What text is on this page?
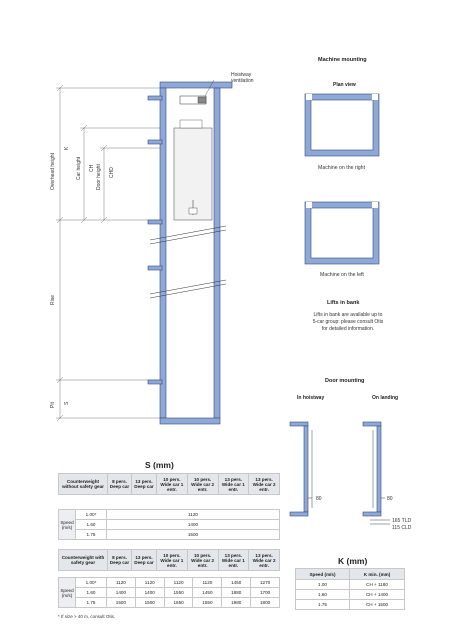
Overhead height
K
Car height CH Door height CHD
Rise
Pit S
Hoistway
ventilation
Machine mounting
Plan view
Machine on the right
Machine on the left
Lifts in bank
Lifts in bank are available up to 5-car group: please consult Otis for detailed information.
Door mounting
In hoistway	On landing
80	80
165 TLD
115 CLD
S (mm)
Counterweight without safety gear	8 pers. Deep car	13 pers. Deep car	10 pers. Wide car 1 entr.	10 pers. Wide car 2 entr.	13 pers. Wide car 1 entr.	13 pers. Wide car 2 entr.
Speed (m/s)	1.00*	1120
	1.60	1400
	1.75	1500
Counterweight with safety gear	8 pers. Deep car	13 pers. Deep car	10 pers. Wide car 1 entr.	10 pers. Wide car 2 entr.	13 pers. Wide car 1 entr.	13 pers. Wide car 2 entr.
Speed (m/s)	1.00*	1120	1120	1120	1120	1450	1270
	1.60	1400	1400	1550	1450	1880	1700
	1.75	1500	1500	1650	1550	1980	1800
* If size > 40 m, consult Otis.
K (mm)
Speed (m/s)	K min. (mm)
1.00	CH + 1180
1.60	CH + 1400
1.75	CH + 1500
